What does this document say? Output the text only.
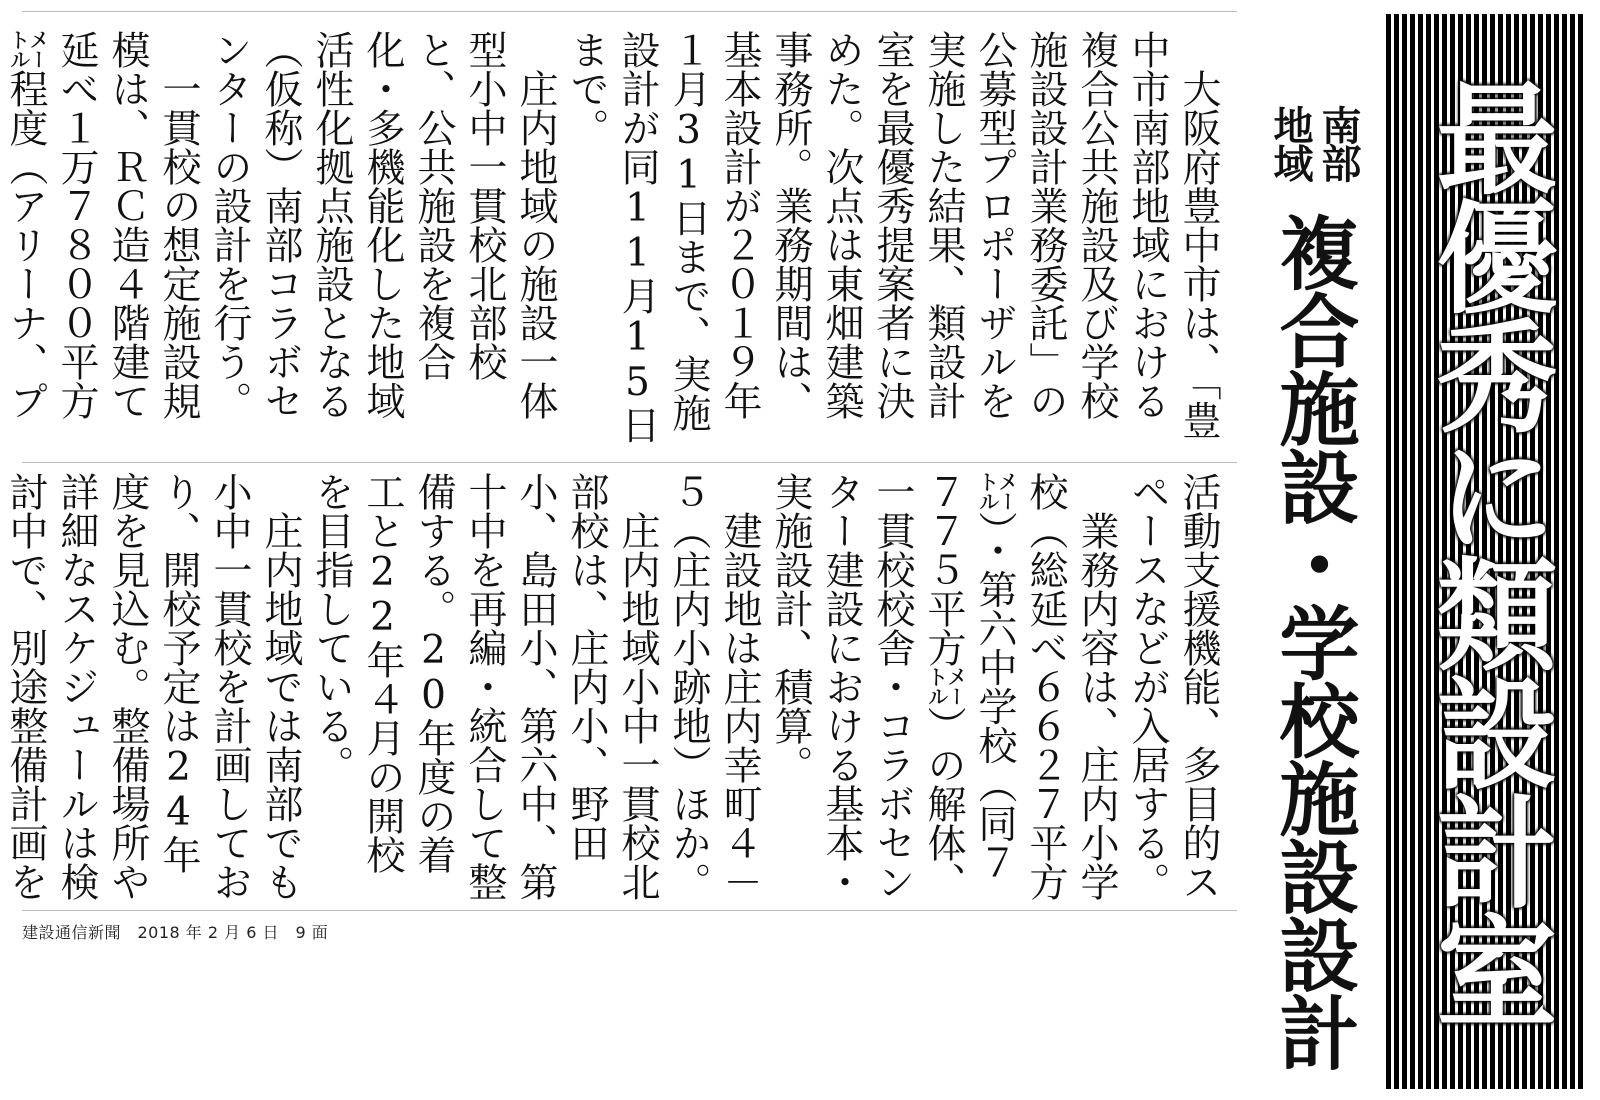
最優秀に類設計室
南部
地域
複合施設・学校施設設計

大阪府豊中市は、「豊中市南部地域における複合公共施設及び学校施設設計業務委託」の公募型プロポーザルを実施した結果、類設計室を最優秀提案者に決めた。次点は東畑建築事務所。業務期間は、基本設計が２０１９年１月31日まで、実施設計が同11月15日まで。

庄内地域の施設一体型小中一貫校北部校と、公共施設を複合化・多機能化した地域活性化拠点施設となる（仮称）南部コラボセンターの設計を行う。

一貫校の想定施設規模は、ＲＣ造４階建て延べ１万７８００平方㍍程度（アリーナ、プ

活動支援機能、多目的スペースなどが入居する。

業務内容は、庄内小学校（総延べ６６２７平方㍍）・第六中学校（同７７７５平方㍍）の解体、一貫校校舎・コラボセンター建設における基本・実施設計、積算。

建設地は庄内幸町４－５（庄内小跡地）ほか。

庄内地域小中一貫校北部校は、庄内小、野田小、島田小、第六中、第十中を再編・統合して整備する。20年度の着工と22年４月の開校を目指している。

庄内地域では南部でも小中一貫校を計画しており、開校予定は24年度を見込む。整備場所や詳細なスケジュールは検討中で、別途整備計画を

建設通信新聞　2018 年 2 月 6 日　9 面
